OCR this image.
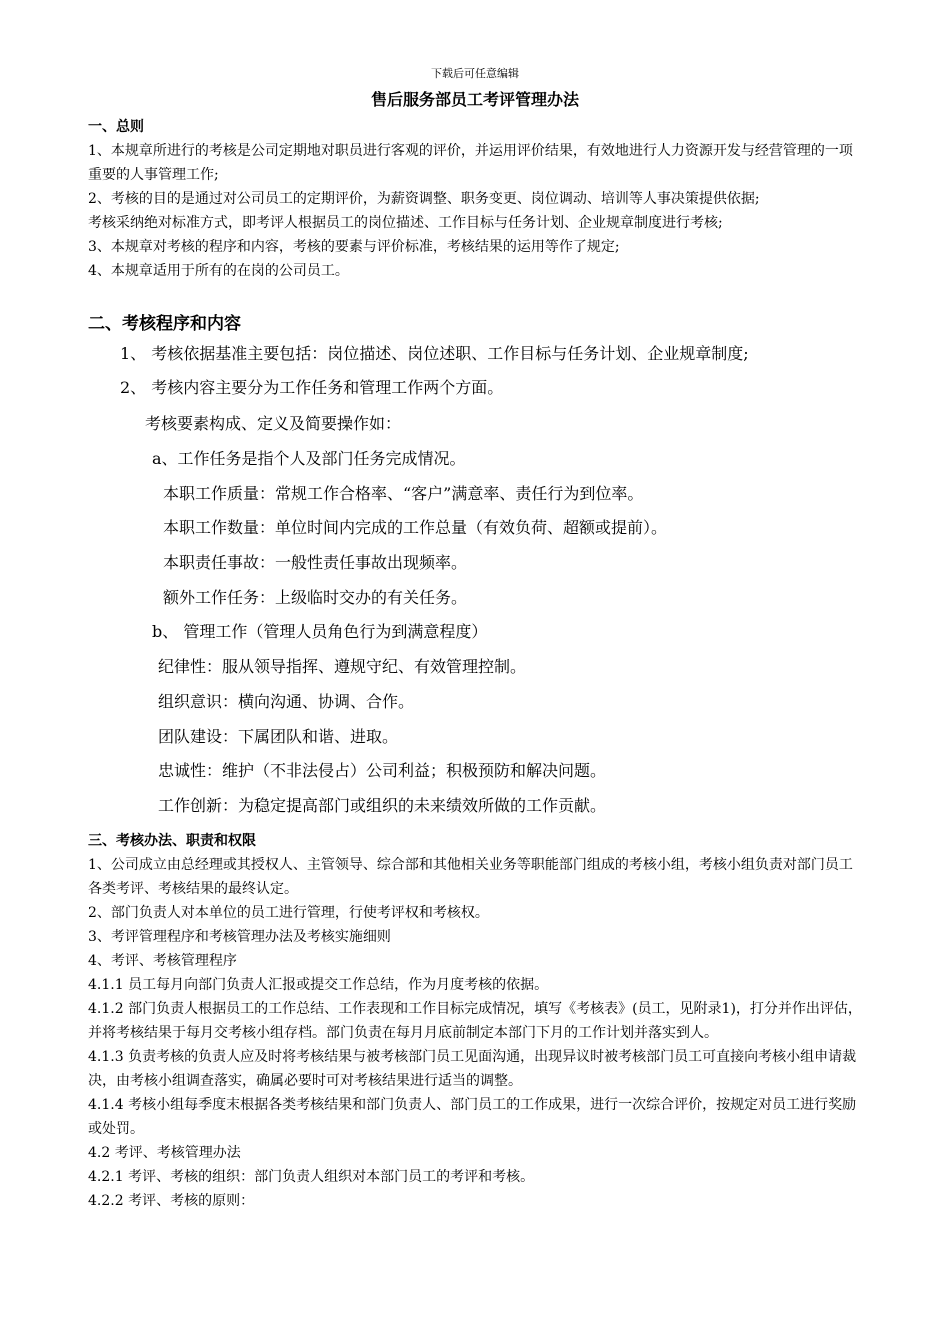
下载后可任意编辑
售后服务部员工考评管理办法

一、总则

1、本规章所进行的考核是公司定期地对职员进行客观的评价，并运用评价结果，有效地进行人力资源开发与经营管理的一项重要的人事管理工作;

2、考核的目的是通过对公司员工的定期评价，为薪资调整、职务变更、岗位调动、培训等人事决策提供依据;

考核采纳绝对标准方式，即考评人根据员工的岗位描述、工作目标与任务计划、企业规章制度进行考核;

3、本规章对考核的程序和内容，考核的要素与评价标准，考核结果的运用等作了规定;

4、本规章适用于所有的在岗的公司员工。

二、考核程序和内容
1、 考核依据基准主要包括：岗位描述、岗位述职、工作目标与任务计划、企业规章制度;
2、 考核内容主要分为工作任务和管理工作两个方面。
考核要素构成、定义及简要操作如：
a、工作任务是指个人及部门任务完成情况。
本职工作质量：常规工作合格率、“客户”满意率、责任行为到位率。
本职工作数量：单位时间内完成的工作总量（有效负荷、超额或提前）。
本职责任事故：一般性责任事故出现频率。
额外工作任务：上级临时交办的有关任务。
b、 管理工作（管理人员角色行为到满意程度）
纪律性：服从领导指挥、遵规守纪、有效管理控制。
组织意识：横向沟通、协调、合作。
团队建设：下属团队和谐、进取。
忠诚性：维护（不非法侵占）公司利益；积极预防和解决问题。
工作创新：为稳定提高部门或组织的未来绩效所做的工作贡献。

三、考核办法、职责和权限

1、公司成立由总经理或其授权人、主管领导、综合部和其他相关业务等职能部门组成的考核小组，考核小组负责对部门员工各类考评、考核结果的最终认定。

2、部门负责人对本单位的员工进行管理，行使考评权和考核权。

3、考评管理程序和考核管理办法及考核实施细则

4、考评、考核管理程序

4.1.1 员工每月向部门负责人汇报或提交工作总结，作为月度考核的依据。

4.1.2 部门负责人根据员工的工作总结、工作表现和工作目标完成情况，填写《考核表》(员工，见附录1)，打分并作出评估，并将考核结果于每月交考核小组存档。部门负责在每月月底前制定本部门下月的工作计划并落实到人。

4.1.3 负责考核的负责人应及时将考核结果与被考核部门员工见面沟通，出现异议时被考核部门员工可直接向考核小组申请裁决，由考核小组调查落实，确属必要时可对考核结果进行适当的调整。

4.1.4 考核小组每季度末根据各类考核结果和部门负责人、部门员工的工作成果，进行一次综合评价，按规定对员工进行奖励或处罚。

4.2 考评、考核管理办法

4.2.1 考评、考核的组织：部门负责人组织对本部门员工的考评和考核。

4.2.2 考评、考核的原则：
